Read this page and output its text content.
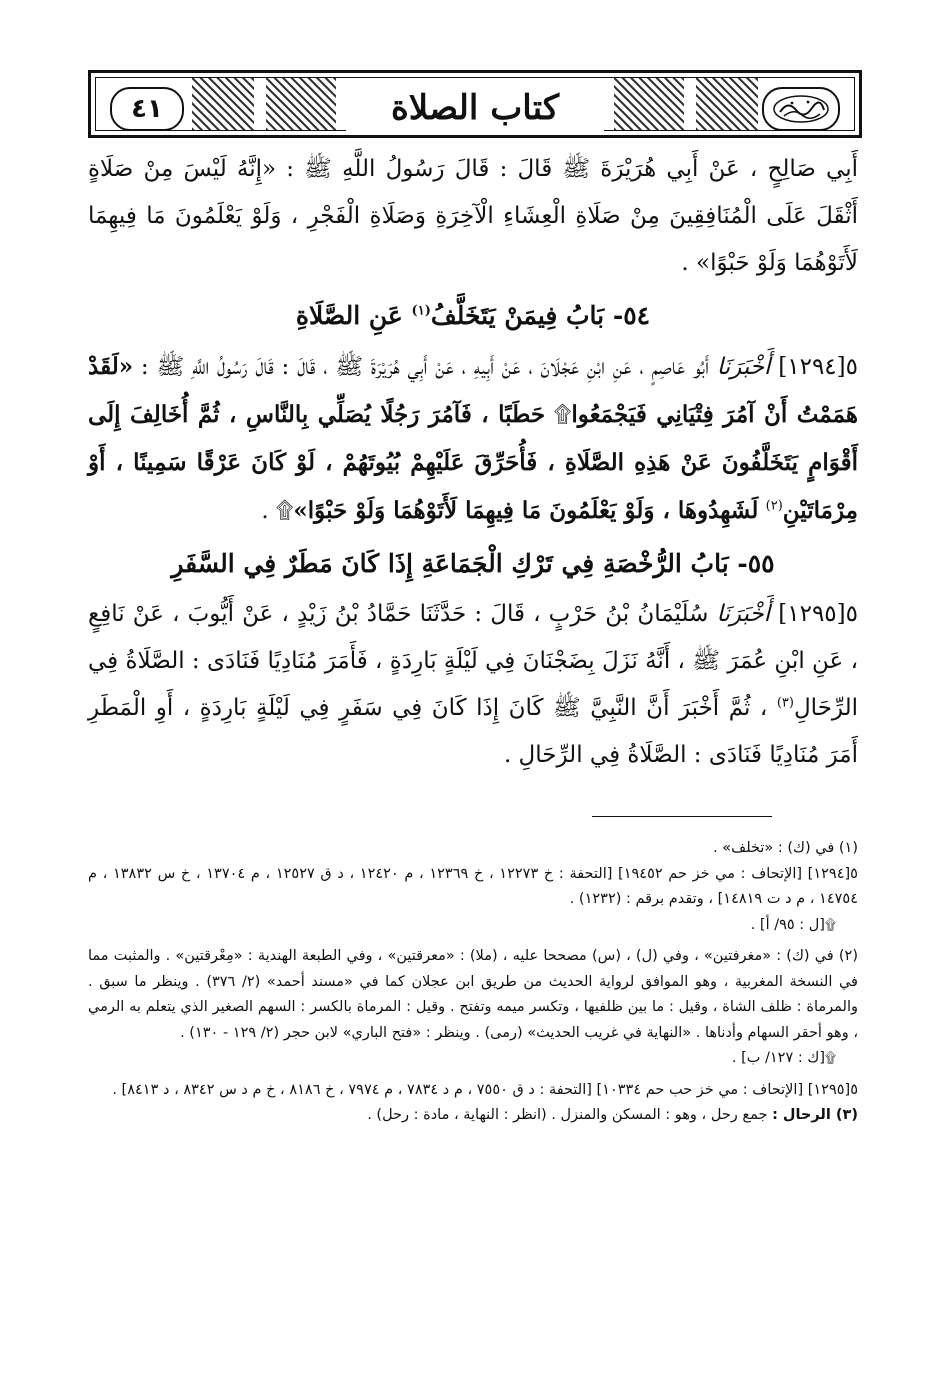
٤١	كتاب الصلاة

أَبِي صَالِحٍ ، عَنْ أَبِي هُرَيْرَةَ ﷺ قَالَ : قَالَ رَسُولُ اللَّهِ ﷺ : «إِنَّهُ لَيْسَ مِنْ صَلَاةٍ أَثْقَلَ عَلَى الْمُنَافِقِينَ مِنْ صَلَاةِ الْعِشَاءِ الْآخِرَةِ وَصَلَاةِ الْفَجْرِ ، وَلَوْ يَعْلَمُونَ مَا فِيهِمَا لَأَتَوْهُمَا وَلَوْ حَبْوًا» .

٥٤- بَابُ فِيمَنْ يَتَخَلَّفُ$^{(١)}$ عَنِ الصَّلَاةِ

٥[١٢٩٤] أَخْبَرَنَا أَبُو عَاصِمٍ ، عَنِ ابْنِ عَجْلَانَ ، عَنْ أَبِيهِ ، عَنْ أَبِي هُرَيْرَةَ ﷺ ، قَالَ : قَالَ رَسُولُ اللَّهِ ﷺ : «لَقَدْ هَمَمْتُ أَنْ آمُرَ فِتْيَانِي فَيَجْمَعُوا۩ حَطَبًا ، فَآمُرَ رَجُلًا يُصَلِّي بِالنَّاسِ ، ثُمَّ أُخَالِفَ إِلَى أَقْوَامٍ يَتَخَلَّفُونَ عَنْ هَذِهِ الصَّلَاةِ ، فَأُحَرِّقَ عَلَيْهِمْ بُيُوتَهُمْ ، لَوْ كَانَ عَرْقًا سَمِينًا ، أَوْ مِرْمَاتَيْنِ$^{(٢)}$ لَشَهِدُوهَا ، وَلَوْ يَعْلَمُونَ مَا فِيهِمَا لَأَتَوْهُمَا وَلَوْ حَبْوًا»۩ .

٥٥- بَابُ الرُّخْصَةِ فِي تَرْكِ الْجَمَاعَةِ إِذَا كَانَ مَطَرٌ فِي السَّفَرِ

٥[١٢٩٥] أَخْبَرَنَا سُلَيْمَانُ بْنُ حَرْبٍ ، قَالَ : حَدَّثَنَا حَمَّادُ بْنُ زَيْدٍ ، عَنْ أَيُّوبَ ، عَنْ نَافِعٍ ، عَنِ ابْنِ عُمَرَ ﷺ ، أَنَّهُ نَزَلَ بِضَجْنَانَ فِي لَيْلَةٍ بَارِدَةٍ ، فَأَمَرَ مُنَادِيًا فَنَادَى : الصَّلَاةُ فِي الرِّحَالِ$^{(٣)}$ ، ثُمَّ أَخْبَرَ أَنَّ النَّبِيَّ ﷺ كَانَ إِذَا كَانَ فِي سَفَرٍ فِي لَيْلَةٍ بَارِدَةٍ ، أَوِ الْمَطَرِ أَمَرَ مُنَادِيًا فَنَادَى : الصَّلَاةُ فِي الرِّحَالِ .

(١) في (ك) : «تخلف» .

٥[١٢٩٤] [الإتحاف : مي خز حم ١٩٤٥٢] [التحفة : خ ١٢٢٧٣ ، خ ١٢٣٦٩ ، م ١٢٤٢٠ ، د ق ١٢٥٢٧ ، م ١٣٧٠٤ ، خ س ١٣٨٣٢ ، م ١٤٧٥٤ ، م د ت ١٤٨١٩] ، وتقدم برقم : (١٢٣٢) .

۩[ل : ٩٥/ أ] .

(٢) في (ك) : «مغرفتين» ، وفي (ل) ، (س) مصححا عليه ، (ملا) : «معرقتين» ، وفي الطبعة الهندية : «مِعْرقتين» . والمثبت مما في النسخة المغربية ، وهو الموافق لرواية الحديث من طريق ابن عجلان كما في «مسند أحمد» (٢/ ٣٧٦) . وينظر ما سبق . والمرماة : ظلف الشاة ، وقيل : ما بين ظلفيها ، وتكسر ميمه وتفتح . وقيل : المرماة بالكسر : السهم الصغير الذي يتعلم به الرمي ، وهو أحقر السهام وأدناها . «النهاية في غريب الحديث» (رمى) . وينظر : «فتح الباري» لابن حجر (٢/ ١٢٩ - ١٣٠) .

۩[ك : ١٢٧/ ب] .

٥[١٢٩٥] [الإتحاف : مي خز حب حم ١٠٣٣٤] [التحفة : د ق ٧٥٥٠ ، م د ٧٨٣٤ ، م ٧٩٧٤ ، خ ٨١٨٦ ، خ م د س ٨٣٤٢ ، د ٨٤١٣] .

(٣) الرحال : جمع رحل ، وهو : المسكن والمنزل . (انظر : النهاية ، مادة : رحل) .
